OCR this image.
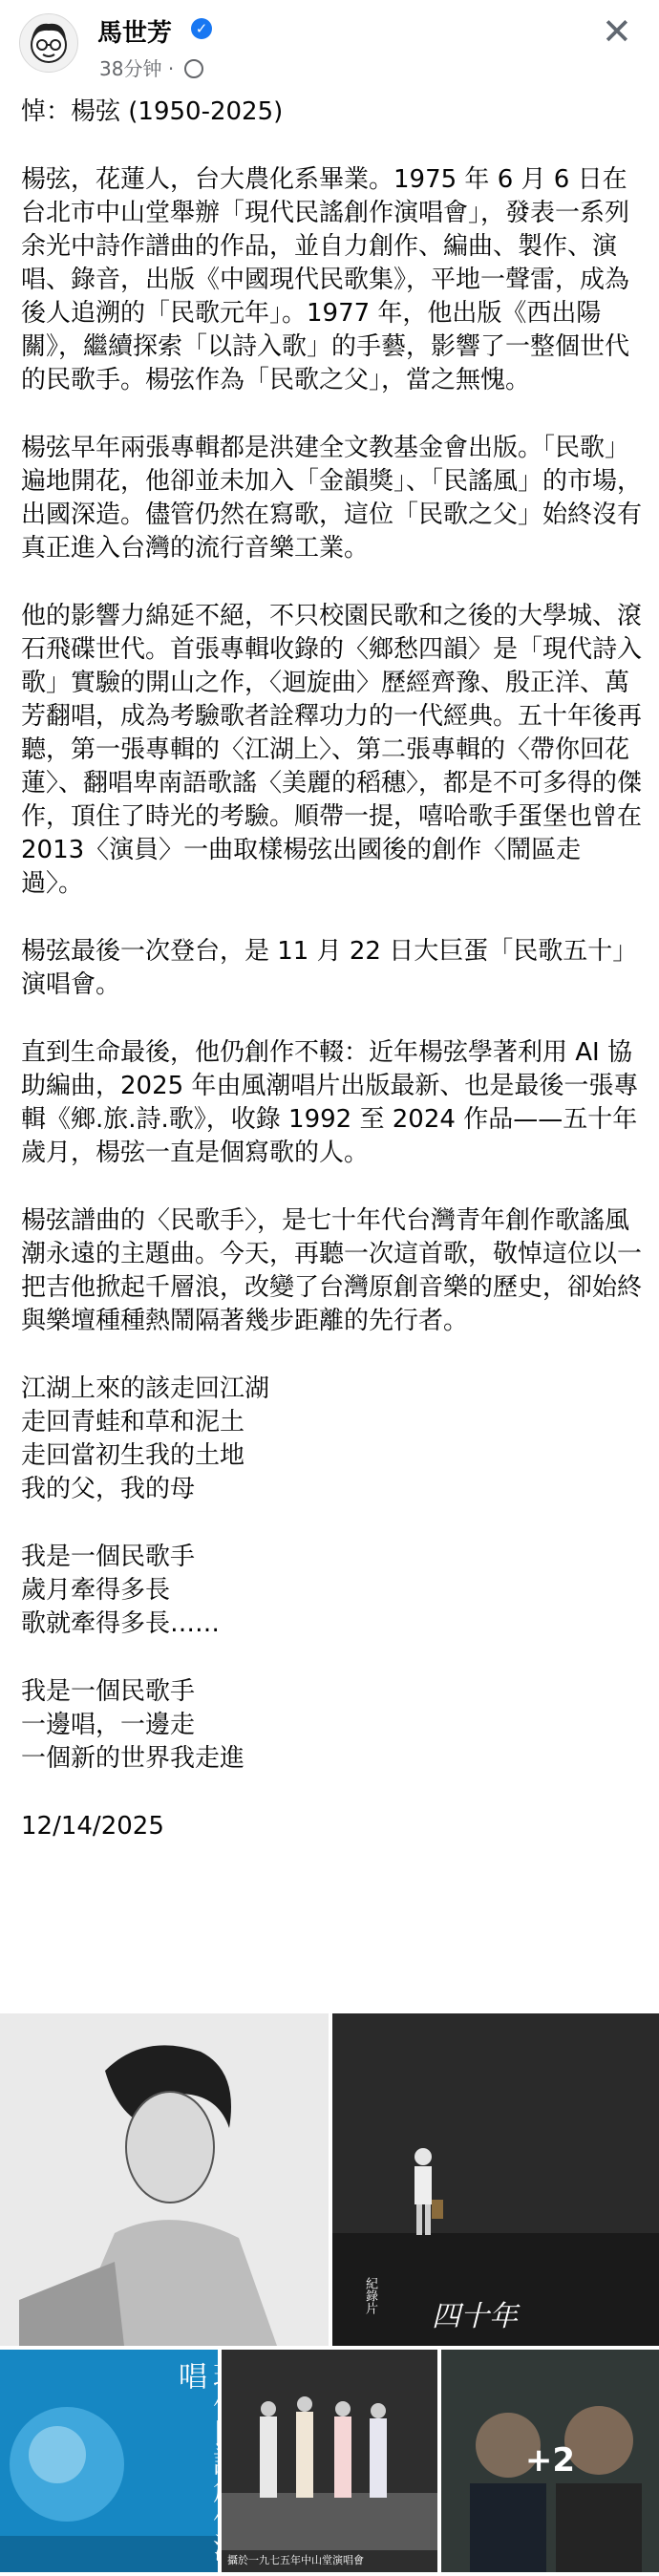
馬世芳	✓
38分钟 ·
✕

悼：楊弦 (1950-2025)

楊弦，花蓮人，台大農化系畢業。1975 年 6 月 6 日在台北市中山堂舉辦「現代民謠創作演唱會」，發表一系列余光中詩作譜曲的作品，並自力創作、編曲、製作、演唱、錄音，出版《中國現代民歌集》，平地一聲雷，成為後人追溯的「民歌元年」。1977 年，他出版《西出陽關》，繼續探索「以詩入歌」的手藝，影響了一整個世代的民歌手。楊弦作為「民歌之父」，當之無愧。

楊弦早年兩張專輯都是洪建全文教基金會出版。「民歌」遍地開花，他卻並未加入「金韻獎」、「民謠風」的市場，出國深造。儘管仍然在寫歌，這位「民歌之父」始終沒有真正進入台灣的流行音樂工業。

他的影響力綿延不絕，不只校園民歌和之後的大學城、滾石飛碟世代。首張專輯收錄的〈鄉愁四韻〉是「現代詩入歌」實驗的開山之作，〈迴旋曲〉歷經齊豫、殷正洋、萬芳翻唱，成為考驗歌者詮釋功力的一代經典。五十年後再聽，第一張專輯的〈江湖上〉、第二張專輯的〈帶你回花蓮〉、翻唱卑南語歌謠〈美麗的稻穗〉，都是不可多得的傑作，頂住了時光的考驗。順帶一提，嘻哈歌手蛋堡也曾在 2013〈演員〉一曲取樣楊弦出國後的創作〈鬧區走過〉。

楊弦最後一次登台，是 11 月 22 日大巨蛋「民歌五十」演唱會。

直到生命最後，他仍創作不輟：近年楊弦學著利用 AI 協助編曲，2025 年由風潮唱片出版最新、也是最後一張專輯《鄉.旅.詩.歌》，收錄 1992 至 2024 作品——五十年歲月，楊弦一直是個寫歌的人。

楊弦譜曲的〈民歌手〉，是七十年代台灣青年創作歌謠風潮永遠的主題曲。今天，再聽一次這首歌，敬悼這位以一把吉他掀起千層浪，改變了台灣原創音樂的歷史，卻始終與樂壇種種熱鬧隔著幾步距離的先行者。

江湖上來的該走回江湖
走回青蛙和草和泥土
走回當初生我的土地
我的父，我的母

我是一個民歌手
歲月牽得多長
歌就牽得多長……

我是一個民歌手
一邊唱，一邊走
一個新的世界我走進

12/14/2025

紀錄片
四十年
唱
攝於一九七五年中山堂演唱會
+2
